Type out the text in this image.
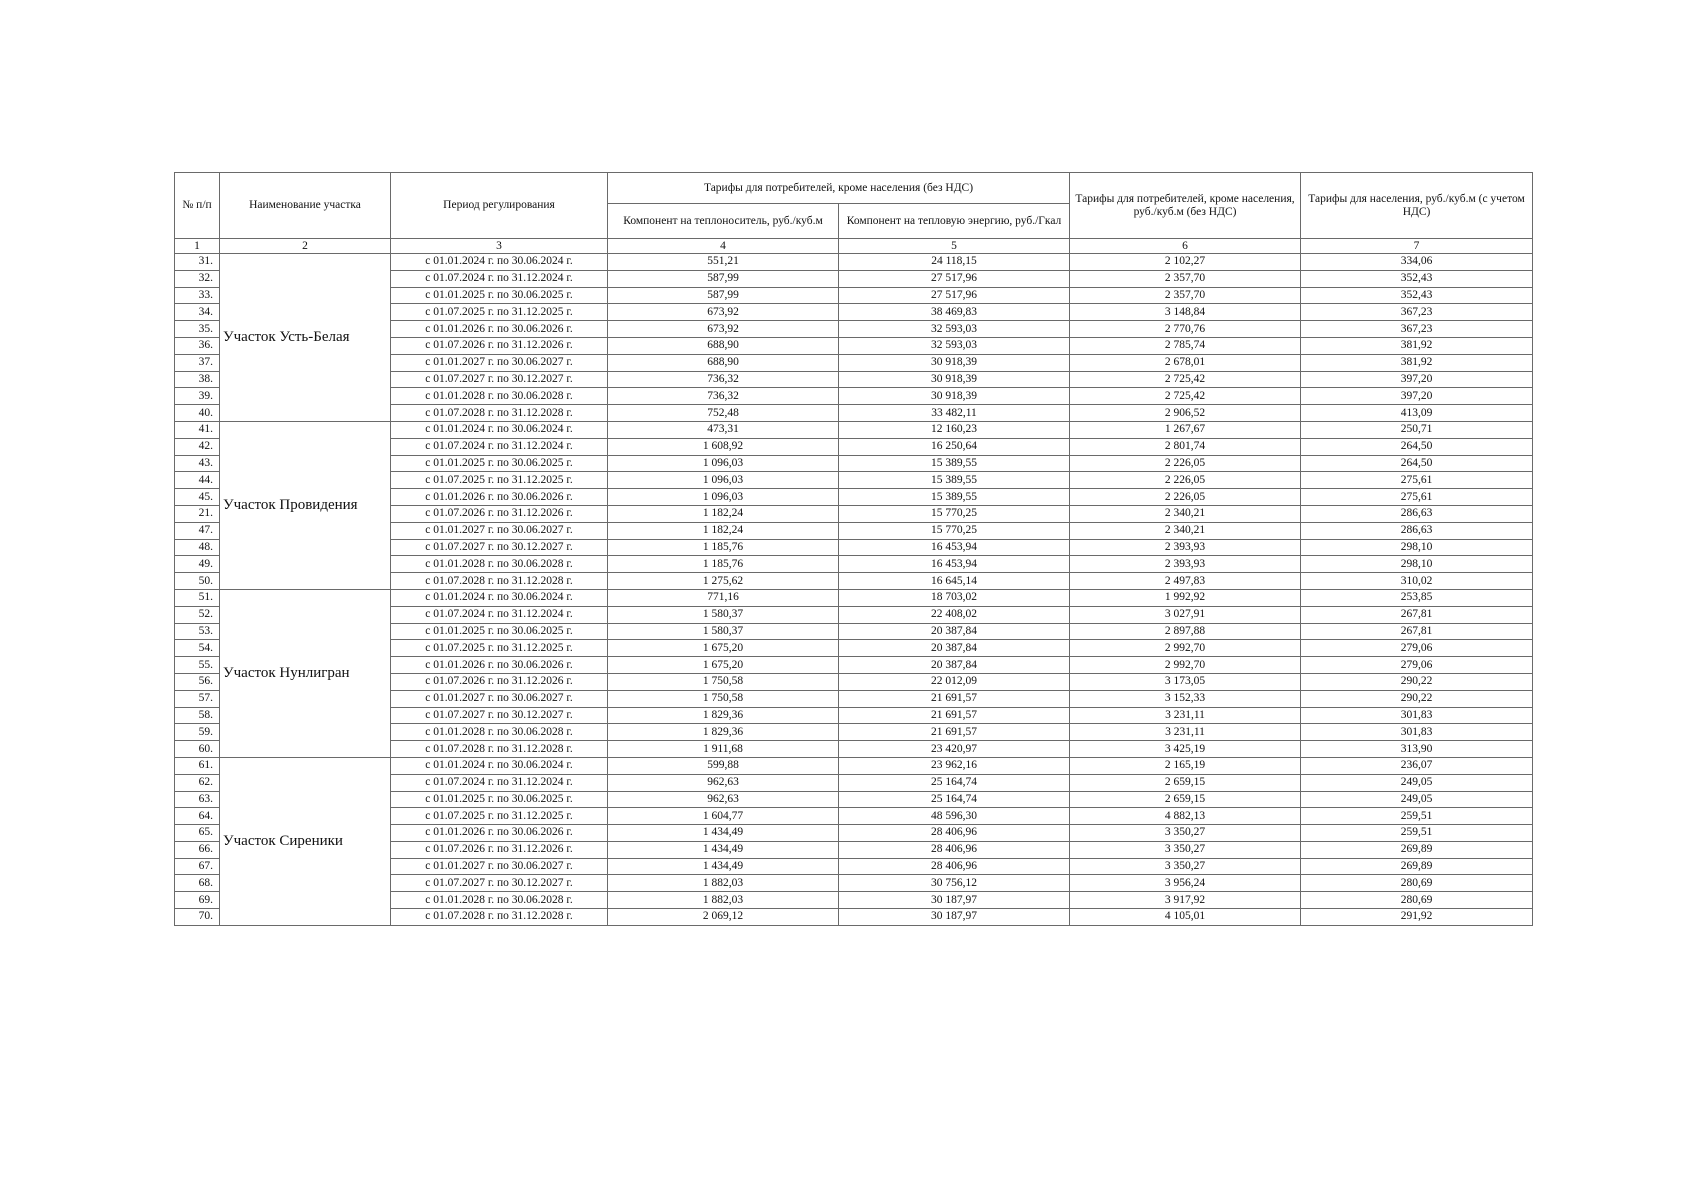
№ п/п	Наименование участка	Период регулирования	Тарифы для потребителей, кроме населения (без НДС)		Тарифы для потребителей, кроме населения, руб./куб.м (без НДС)	Тарифы для населения, руб./куб.м (с учетом НДС)
			Компонент на теплоноситель, руб./куб.м	Компонент на тепловую энергию, руб./Гкал		
1	2	3	4	5	6	7
31.	Участок Усть-Белая	с 01.01.2024 г. по 30.06.2024 г.	551,21	24 118,15	2 102,27	334,06
32.		с 01.07.2024 г. по 31.12.2024 г.	587,99	27 517,96	2 357,70	352,43
33.		с 01.01.2025 г. по 30.06.2025 г.	587,99	27 517,96	2 357,70	352,43
34.		с 01.07.2025 г. по 31.12.2025 г.	673,92	38 469,83	3 148,84	367,23
35.		с 01.01.2026 г. по 30.06.2026 г.	673,92	32 593,03	2 770,76	367,23
36.		с 01.07.2026 г. по 31.12.2026 г.	688,90	32 593,03	2 785,74	381,92
37.		с 01.01.2027 г. по 30.06.2027 г.	688,90	30 918,39	2 678,01	381,92
38.		с 01.07.2027 г. по 30.12.2027 г.	736,32	30 918,39	2 725,42	397,20
39.		с 01.01.2028 г. по 30.06.2028 г.	736,32	30 918,39	2 725,42	397,20
40.		с 01.07.2028 г. по 31.12.2028 г.	752,48	33 482,11	2 906,52	413,09
41.	Участок Провидения	с 01.01.2024 г. по 30.06.2024 г.	473,31	12 160,23	1 267,67	250,71
42.		с 01.07.2024 г. по 31.12.2024 г.	1 608,92	16 250,64	2 801,74	264,50
43.		с 01.01.2025 г. по 30.06.2025 г.	1 096,03	15 389,55	2 226,05	264,50
44.		с 01.07.2025 г. по 31.12.2025 г.	1 096,03	15 389,55	2 226,05	275,61
45.		с 01.01.2026 г. по 30.06.2026 г.	1 096,03	15 389,55	2 226,05	275,61
21.		с 01.07.2026 г. по 31.12.2026 г.	1 182,24	15 770,25	2 340,21	286,63
47.		с 01.01.2027 г. по 30.06.2027 г.	1 182,24	15 770,25	2 340,21	286,63
48.		с 01.07.2027 г. по 30.12.2027 г.	1 185,76	16 453,94	2 393,93	298,10
49.		с 01.01.2028 г. по 30.06.2028 г.	1 185,76	16 453,94	2 393,93	298,10
50.		с 01.07.2028 г. по 31.12.2028 г.	1 275,62	16 645,14	2 497,83	310,02
51.	Участок Нунлигран	с 01.01.2024 г. по 30.06.2024 г.	771,16	18 703,02	1 992,92	253,85
52.		с 01.07.2024 г. по 31.12.2024 г.	1 580,37	22 408,02	3 027,91	267,81
53.		с 01.01.2025 г. по 30.06.2025 г.	1 580,37	20 387,84	2 897,88	267,81
54.		с 01.07.2025 г. по 31.12.2025 г.	1 675,20	20 387,84	2 992,70	279,06
55.		с 01.01.2026 г. по 30.06.2026 г.	1 675,20	20 387,84	2 992,70	279,06
56.		с 01.07.2026 г. по 31.12.2026 г.	1 750,58	22 012,09	3 173,05	290,22
57.		с 01.01.2027 г. по 30.06.2027 г.	1 750,58	21 691,57	3 152,33	290,22
58.		с 01.07.2027 г. по 30.12.2027 г.	1 829,36	21 691,57	3 231,11	301,83
59.		с 01.01.2028 г. по 30.06.2028 г.	1 829,36	21 691,57	3 231,11	301,83
60.		с 01.07.2028 г. по 31.12.2028 г.	1 911,68	23 420,97	3 425,19	313,90
61.	Участок Сиреники	с 01.01.2024 г. по 30.06.2024 г.	599,88	23 962,16	2 165,19	236,07
62.		с 01.07.2024 г. по 31.12.2024 г.	962,63	25 164,74	2 659,15	249,05
63.		с 01.01.2025 г. по 30.06.2025 г.	962,63	25 164,74	2 659,15	249,05
64.		с 01.07.2025 г. по 31.12.2025 г.	1 604,77	48 596,30	4 882,13	259,51
65.		с 01.01.2026 г. по 30.06.2026 г.	1 434,49	28 406,96	3 350,27	259,51
66.		с 01.07.2026 г. по 31.12.2026 г.	1 434,49	28 406,96	3 350,27	269,89
67.		с 01.01.2027 г. по 30.06.2027 г.	1 434,49	28 406,96	3 350,27	269,89
68.		с 01.07.2027 г. по 30.12.2027 г.	1 882,03	30 756,12	3 956,24	280,69
69.		с 01.01.2028 г. по 30.06.2028 г.	1 882,03	30 187,97	3 917,92	280,69
70.		с 01.07.2028 г. по 31.12.2028 г.	2 069,12	30 187,97	4 105,01	291,92
